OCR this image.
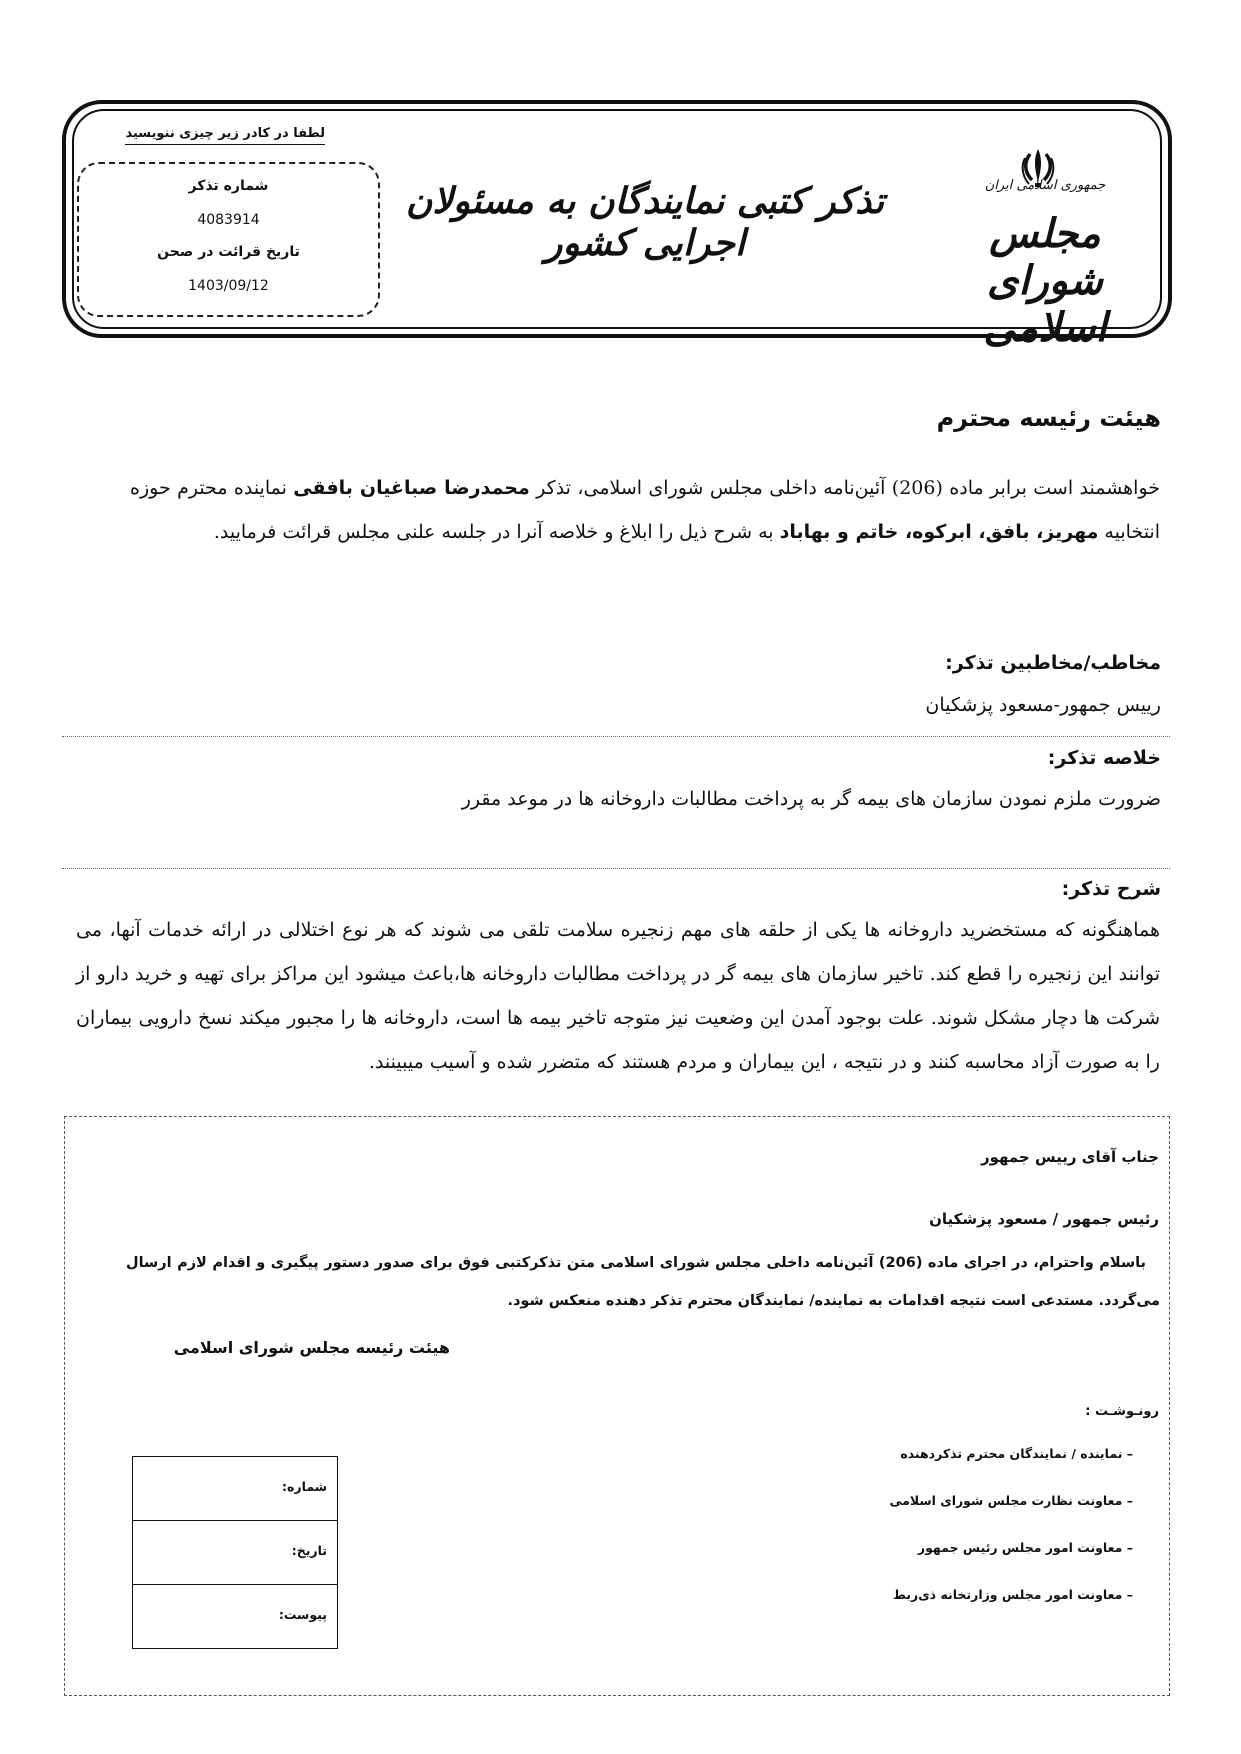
لطفا در کادر زیر چیزی ننویسید
شماره تذکر
4083914
تاریخ قرائت در صحن
1403/09/12
تذکر کتبی نمایندگان به مسئولان اجرایی کشور
جمهوری اسلامی ایران
مجلس شورای اسلامی
هیئت رئیسه محترم
خواهشمند است برابر ماده (206) آئین‌نامه داخلی مجلس شورای اسلامی، تذکر محمدرضا صباغیان بافقی نماینده محترم حوزه انتخابیه مهریز، بافق، ابرکوه، خاتم و بهاباد به شرح ذیل را ابلاغ و خلاصه آنرا در جلسه علنی مجلس قرائت فرمایید.
مخاطب/مخاطبین تذکر:
رییس جمهور-مسعود پزشکیان
خلاصه تذکر:
ضرورت ملزم نمودن سازمان های بیمه گر به پرداخت مطالبات داروخانه ها در موعد مقرر
شرح تذکر:
هماهنگونه که مستخضرید داروخانه ها یکی از حلقه های مهم زنجیره سلامت تلقی می شوند که هر نوع اختلالی در ارائه خدمات آنها، می توانند این زنجیره را قطع کند. تاخیر سازمان های بیمه گر در پرداخت مطالبات داروخانه ها،باعث میشود این مراکز برای تهیه و خرید دارو از شرکت ها دچار مشکل شوند. علت بوجود آمدن این وضعیت نیز متوجه تاخیر بیمه ها است، داروخانه ها را مجبور میکند نسخ دارویی بیماران را به صورت آزاد محاسبه کنند و در نتیجه ، این بیماران و مردم هستند که متضرر شده و آسیب میبینند.
جناب آقای رییس جمهور
رئیس جمهور / مسعود پزشکیان
باسلام واحترام، در اجرای ماده (206) آئین‌نامه داخلی مجلس شورای اسلامی متن تذکرکتبی فوق برای صدور دستور پیگیری و اقدام لازم ارسال می‌گردد. مستدعی است نتیجه اقدامات به نماینده/ نمایندگان محترم تذکر دهنده منعکس شود.
هیئت رئیسه مجلس شورای اسلامی
رونـوشـت :
– نماینده / نمایندگان محترم تذکردهنده
– معاونت نظارت مجلس شورای اسلامی
– معاونت امور مجلس رئیس جمهور
– معاونت امور مجلس وزارتخانه ذی‌ربط
شماره:
تاریخ:
پیوست:
